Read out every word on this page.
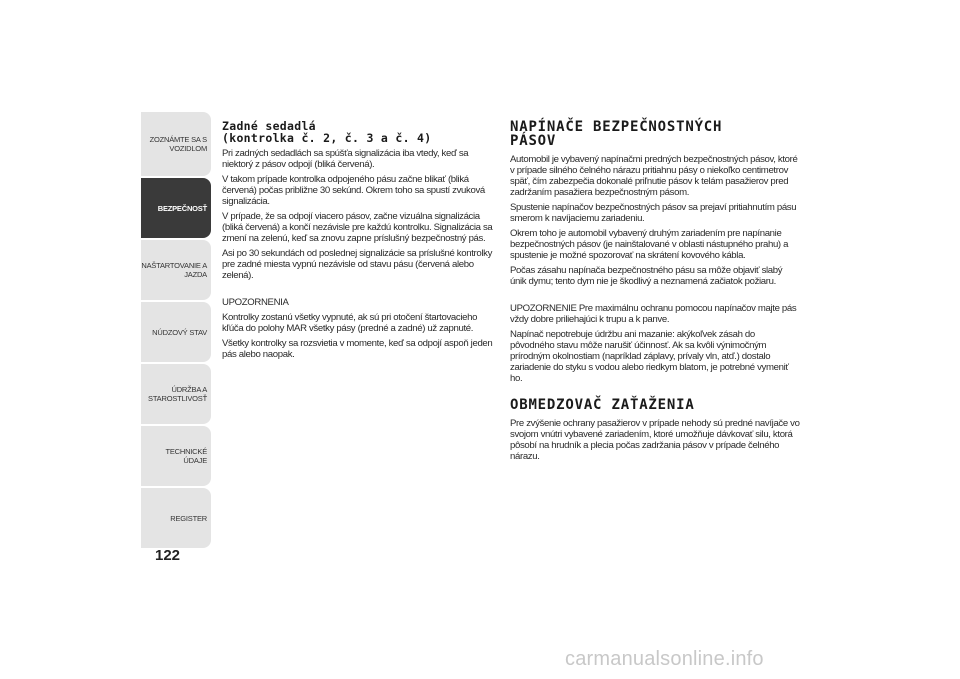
ZOZNÁMTE SA S
VOZIDLOM
BEZPEČNOSŤ
NAŠTARTOVANIE A
JAZDA
NÚDZOVÝ STAV
ÚDRŽBA A
STAROSTLIVOSŤ
TECHNICKÉ ÚDAJE
REGISTER
122
Zadné sedadlá
(kontrolka č. 2, č. 3 a č. 4)

Pri zadných sedadlách sa spúšťa signalizácia iba vtedy, keď sa niektorý z pásov odpojí (bliká červená).

V takom prípade kontrolka odpojeného pásu začne blikať (bliká červená) počas približne 30 sekúnd. Okrem toho sa spustí zvuková signalizácia.

V prípade, že sa odpojí viacero pásov, začne vizuálna signalizácia (bliká červená) a končí nezávisle pre každú kontrolku. Signalizácia sa zmení na zelenú, keď sa znovu zapne príslušný bezpečnostný pás.

Asi po 30 sekundách od poslednej signalizácie sa príslušné kontrolky pre zadné miesta vypnú nezávisle od stavu pásu (červená alebo zelená).

UPOZORNENIA

Kontrolky zostanú všetky vypnuté, ak sú pri otočení štartovacieho kľúča do polohy MAR všetky pásy (predné a zadné) už zapnuté.

Všetky kontrolky sa rozsvietia v momente, keď sa odpojí aspoň jeden pás alebo naopak.

NAPÍNAČE BEZPEČNOSTNÝCH
PÁSOV

Automobil je vybavený napínačmi predných bezpečnostných pásov, ktoré v prípade silného čelného nárazu pritiahnu pásy o niekoľko centimetrov späť, čím zabezpečia dokonalé priľnutie pásov k telám pasažierov pred zadržaním pasažiera bezpečnostným pásom.

Spustenie napínačov bezpečnostných pásov sa prejaví pritiahnutím pásu smerom k navíjaciemu zariadeniu.

Okrem toho je automobil vybavený druhým zariadením pre napínanie bezpečnostných pásov (je nainštalované v oblasti nástupného prahu) a spustenie je možné spozorovať na skrátení kovového kábla.

Počas zásahu napínača bezpečnostného pásu sa môže objaviť slabý únik dymu; tento dym nie je škodlivý a neznamená začiatok požiaru.

UPOZORNENIE Pre maximálnu ochranu pomocou napínačov majte pás vždy dobre priliehajúci k trupu a k panve.

Napínač nepotrebuje údržbu ani mazanie: akýkoľvek zásah do pôvodného stavu môže narušiť účinnosť. Ak sa kvôli výnimočným prírodným okolnostiam (napríklad záplavy, prívaly vln, atď.) dostalo zariadenie do styku s vodou alebo riedkym blatom, je potrebné vymeniť ho.

OBMEDZOVAČ ZAŤAŽENIA

Pre zvýšenie ochrany pasažierov v prípade nehody sú predné navíjače vo svojom vnútri vybavené zariadením, ktoré umožňuje dávkovať silu, ktorá pôsobí na hrudník a plecia počas zadržania pásov v prípade čelného nárazu.

carmanualsonline.info
